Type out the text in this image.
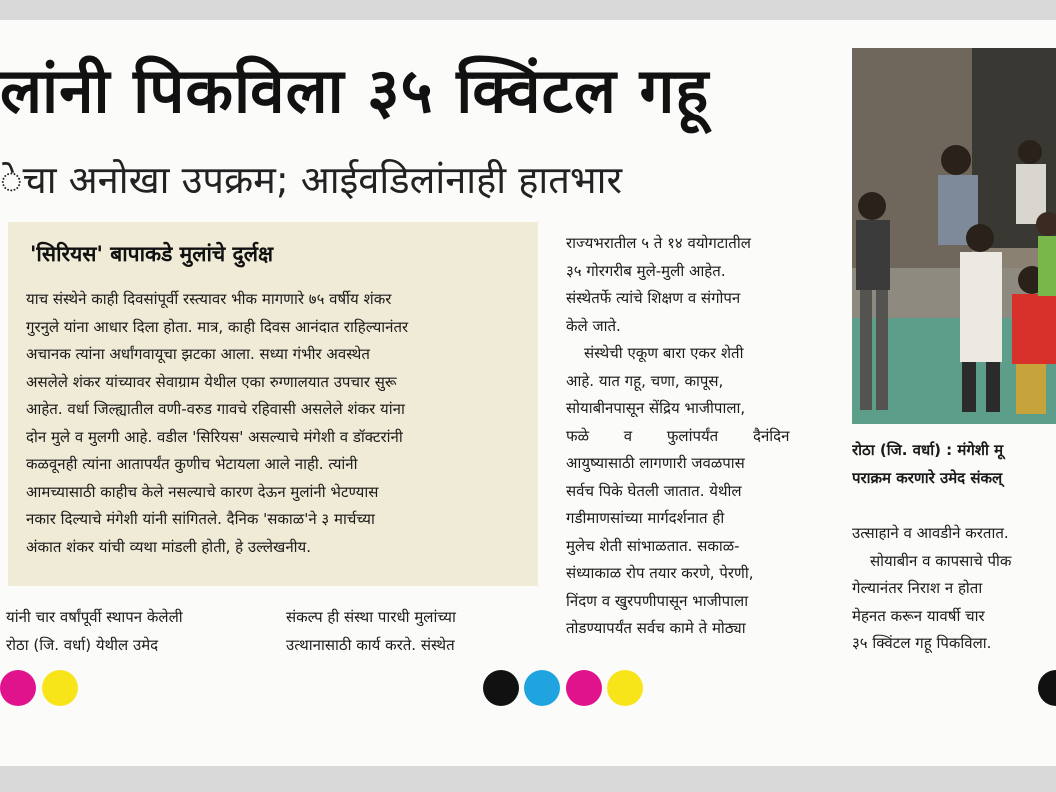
लांनी पिकविला ३५ क्विंटल गहू
ेचा अनोखा उपक्रम; आईवडिलांनाही हातभार
'सिरियस' बापाकडे मुलांचे दुर्लक्ष
याच संस्थेने काही दिवसांपूर्वी रस्त्यावर भीक मागणारे ७५ वर्षीय शंकर
गुरनुले यांना आधार दिला होता. मात्र, काही दिवस आनंदात राहिल्यानंतर
अचानक त्यांना अर्धांगवायूचा झटका आला. सध्या गंभीर अवस्थेत
असलेले शंकर यांच्यावर सेवाग्राम येथील एका रुग्णालयात उपचार सुरू
आहेत. वर्धा जिल्ह्यातील वणी-वरुड गावचे रहिवासी असलेले शंकर यांना
दोन मुले व मुलगी आहे. वडील 'सिरियस' असल्याचे मंगेशी व डॉक्टरांनी
कळवूनही त्यांना आतापर्यंत कुणीच भेटायला आले नाही. त्यांनी
आमच्यासाठी काहीच केले नसल्याचे कारण देऊन मुलांनी भेटण्यास
नकार दिल्याचे मंगेशी यांनी सांगितले. दैनिक 'सकाळ'ने ३ मार्चच्या
अंकात शंकर यांची व्यथा मांडली होती, हे उल्लेखनीय.
यांनी चार वर्षांपूर्वी स्थापन केलेली
रोठा (जि. वर्धा) येथील उमेद
संकल्प ही संस्था पारधी मुलांच्या
उत्थानासाठी कार्य करते. संस्थेत
राज्यभरातील ५ ते १४ वयोगटातील
३५ गोरगरीब मुले-मुली आहेत.
संस्थेतर्फे त्यांचे शिक्षण व संगोपन
केले जाते.
संस्थेची एकूण बारा एकर शेती
आहे. यात गहू, चणा, कापूस,
सोयाबीनपासून सेंद्रिय भाजीपाला,
फळे व फुलांपर्यंत दैनंदिन
आयुष्यासाठी लागणारी जवळपास
सर्वच पिके घेतली जातात. येथील
गडीमाणसांच्या मार्गदर्शनात ही
मुलेच शेती सांभाळतात. सकाळ-
संध्याकाळ रोप तयार करणे, पेरणी,
निंदण व खुरपणीपासून भाजीपाला
तोडण्यापर्यंत सर्वच कामे ते मोठ्या
रोठा (जि. वर्धा) : मंगेशी मू
पराक्रम करणारे उमेद संकल्
उत्साहाने व आवडीने करतात.
सोयाबीन व कापसाचे पीक
गेल्यानंतर निराश न होता
मेहनत करून यावर्षी चार
३५ क्विंटल गहू पिकविला.
